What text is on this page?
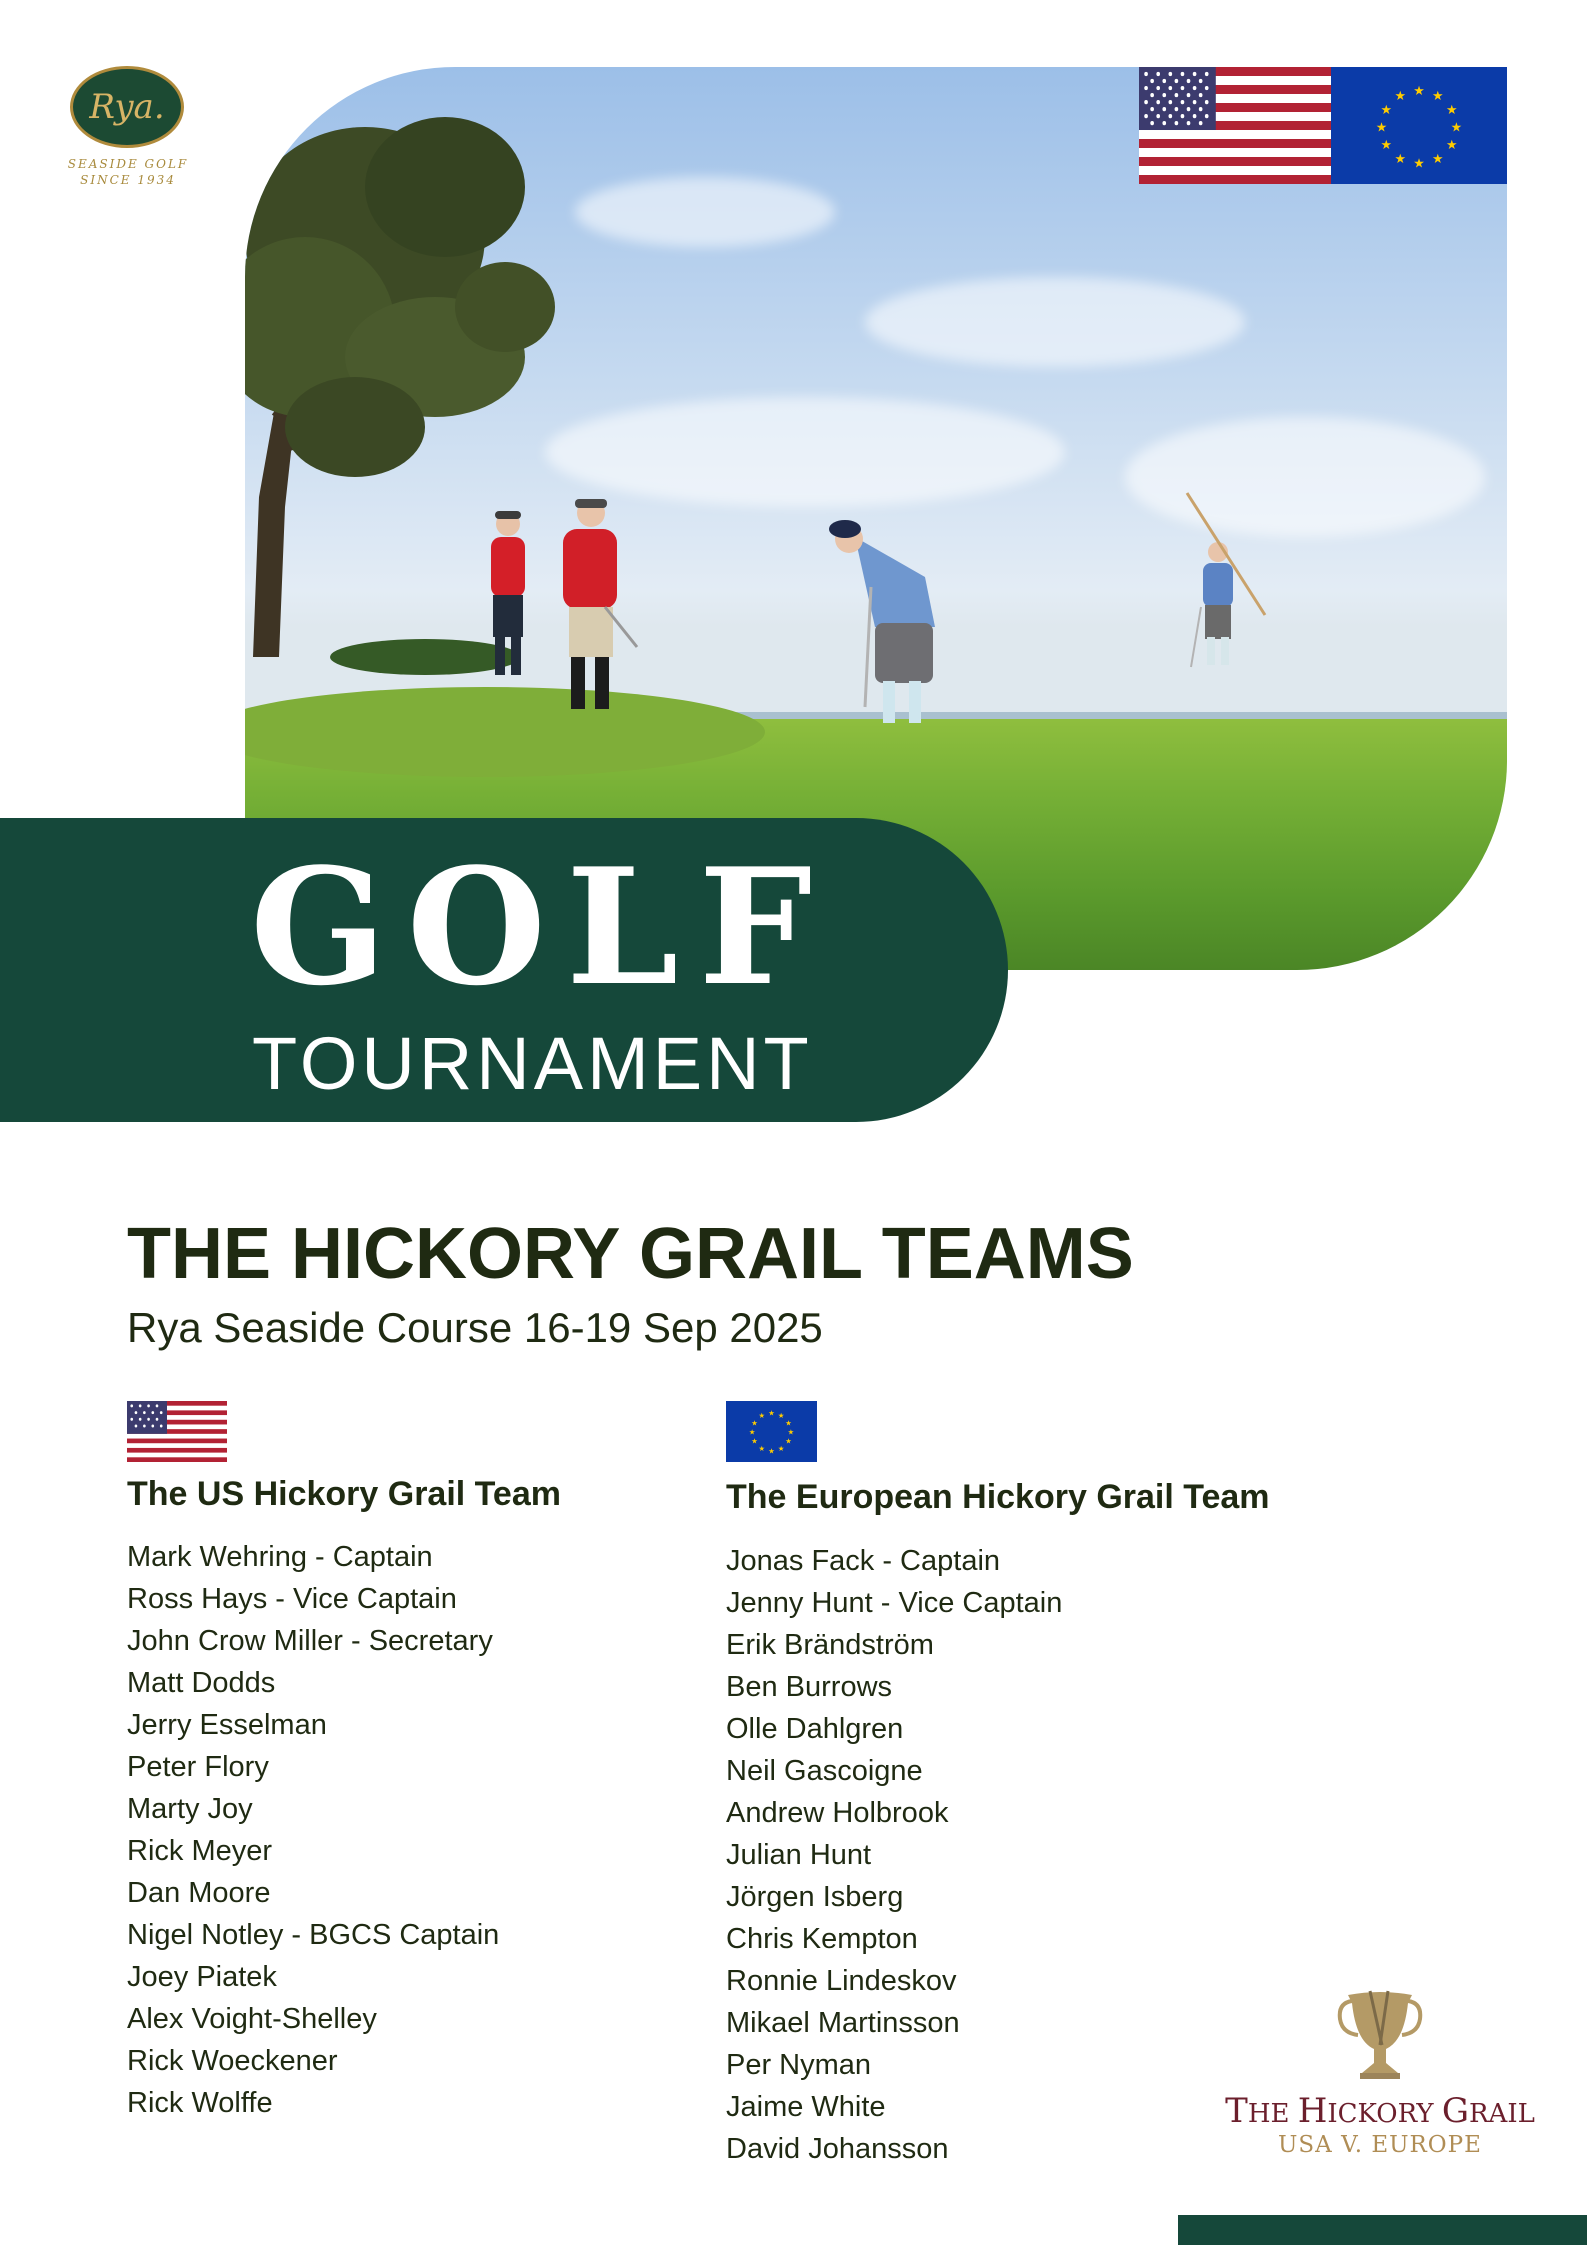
Rya.
SEASIDE GOLF
SINCE 1934
★ ★
★
★
★
★
★
★
★
★
★
★
GOLF
TOURNAMENT
THE HICKORY GRAIL TEAMS
Rya Seaside Course 16-19 Sep 2025
The US Hickory Grail Team
Mark Wehring - Captain
Ross Hays - Vice Captain
John Crow Miller - Secretary
Matt Dodds
Jerry Esselman
Peter Flory
Marty Joy
Rick Meyer
Dan Moore
Nigel Notley - BGCS Captain
Joey Piatek
Alex Voight-Shelley
Rick Woeckener
Rick Wolffe
★ ★
★
★
★
★
★
★
★
★
★
★
The European Hickory Grail Team
Jonas Fack - Captain
Jenny Hunt - Vice Captain
Erik Brändström
Ben Burrows
Olle Dahlgren
Neil Gascoigne
Andrew Holbrook
Julian Hunt
Jörgen Isberg
Chris Kempton
Ronnie Lindeskov
Mikael Martinsson
Per Nyman
Jaime White
David Johansson
THE HICKORY GRAIL
USA V. EUROPE
